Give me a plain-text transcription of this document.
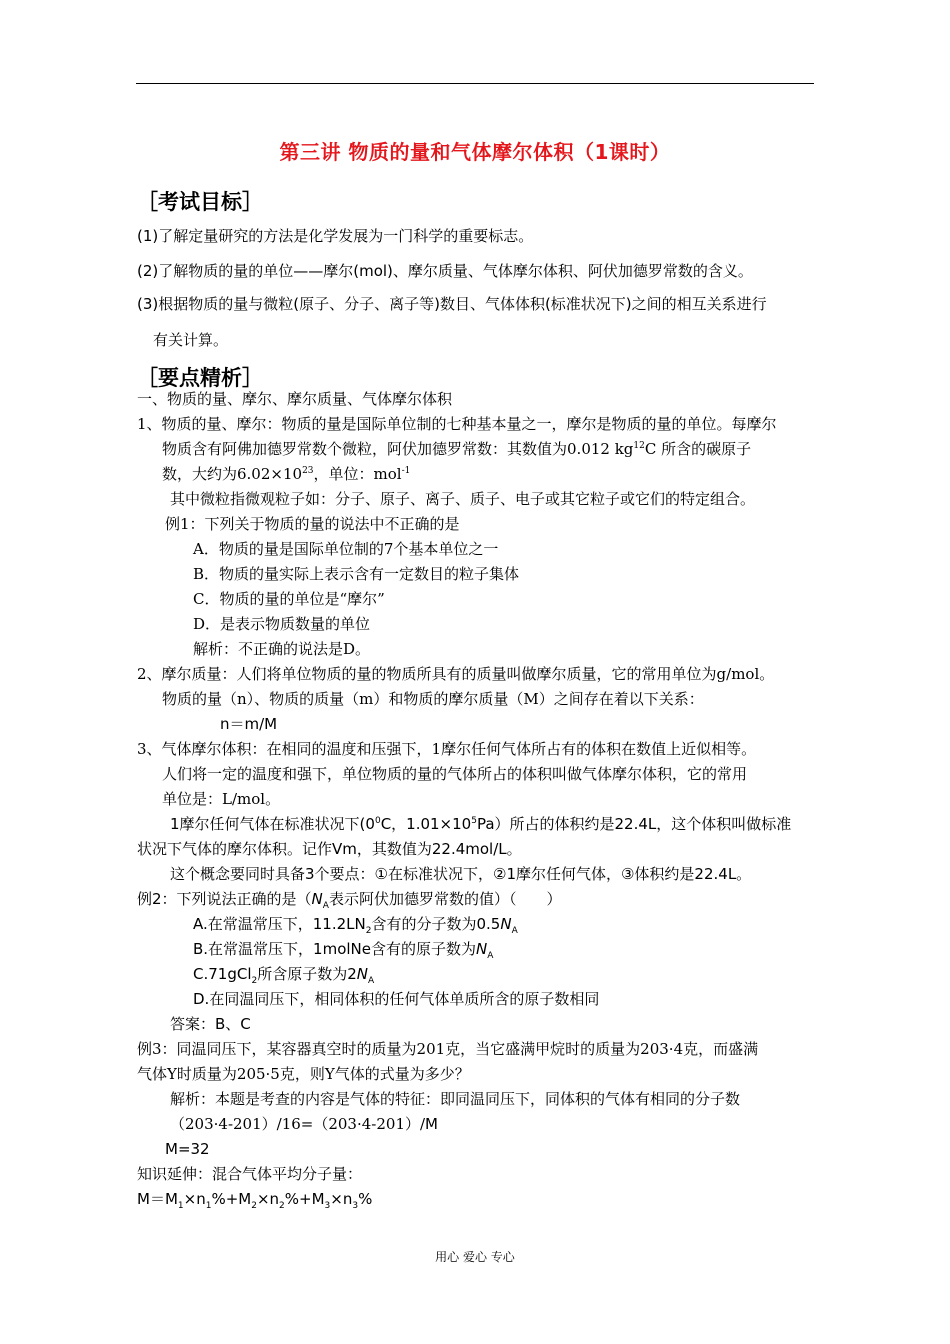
第三讲 物质的量和气体摩尔体积（1课时）
［考试目标］
(1)了解定量研究的方法是化学发展为一门科学的重要标志。
(2)了解物质的量的单位——摩尔(mol)、摩尔质量、气体摩尔体积、阿伏加德罗常数的含义。
(3)根据物质的量与微粒(原子、分子、离子等)数目、气体体积(标准状况下)之间的相互关系进行
有关计算。
［要点精析］
一、物质的量、摩尔、摩尔质量、气体摩尔体积
1、物质的量、摩尔：物质的量是国际单位制的七种基本量之一，摩尔是物质的量的单位。每摩尔
物质含有阿佛加德罗常数个微粒，阿伏加德罗常数：其数值为0.012 $kg^{12}C$ 所含的碳原子
数，大约为$6.02\times 10^{23}$，单位：mol$^{-1}$
其中微粒指微观粒子如：分子、原子、离子、质子、电子或其它粒子或它们的特定组合。
例1：下列关于物质的量的说法中不正确的是
A．物质的量是国际单位制的7个基本单位之一
B．物质的量实际上表示含有一定数目的粒子集体
C．物质的量的单位是“摩尔”
D．是表示物质数量的单位
解析：不正确的说法是D。
2、摩尔质量：人们将单位物质的量的物质所具有的质量叫做摩尔质量，它的常用单位为g/mol。
物质的量（n）、物质的质量（m）和物质的摩尔质量（M）之间存在着以下关系：
n＝m/M
3、气体摩尔体积：在相同的温度和压强下，1摩尔任何气体所占有的体积在数值上近似相等。
人们将一定的温度和强下，单位物质的量的气体所占的体积叫做气体摩尔体积，它的常用
单位是：L/mol。
1摩尔任何气体在标准状况下($0^0C$，$1.01\times 10^5Pa$）所占的体积约是22.4L，这个体积叫做标准
状况下气体的摩尔体积。记作Vm，其数值为22.4mol/L。
这个概念要同时具备3个要点：①在标准状况下，②1摩尔任何气体，③体积约是22.4L。
例2：下列说法正确的是（$N_A$表示阿伏加德罗常数的值）（　　）
A.在常温常压下，$11.2LN_2$含有的分子数为$0.5N_A$
B.在常温常压下，1molNe含有的原子数为$N_A$
C.71gCl$_2$所含原子数为$2N_A$
D.在同温同压下，相同体积的任何气体单质所含的原子数相同
答案：B、C
例3：同温同压下，某容器真空时的质量为201克，当它盛满甲烷时的质量为203·4克，而盛满
气体Y时质量为205·5克，则Y气体的式量为多少？
解析：本题是考查的内容是气体的特征：即同温同压下，同体积的气体有相同的分子数
（203·4-201）/16=（203·4-201）/M
M=32
知识延伸：混合气体平均分子量：
$M=M_1\times n_1\%+M_2\times n_2\%+M_3\times n_3\%$
用心 爱心 专心
